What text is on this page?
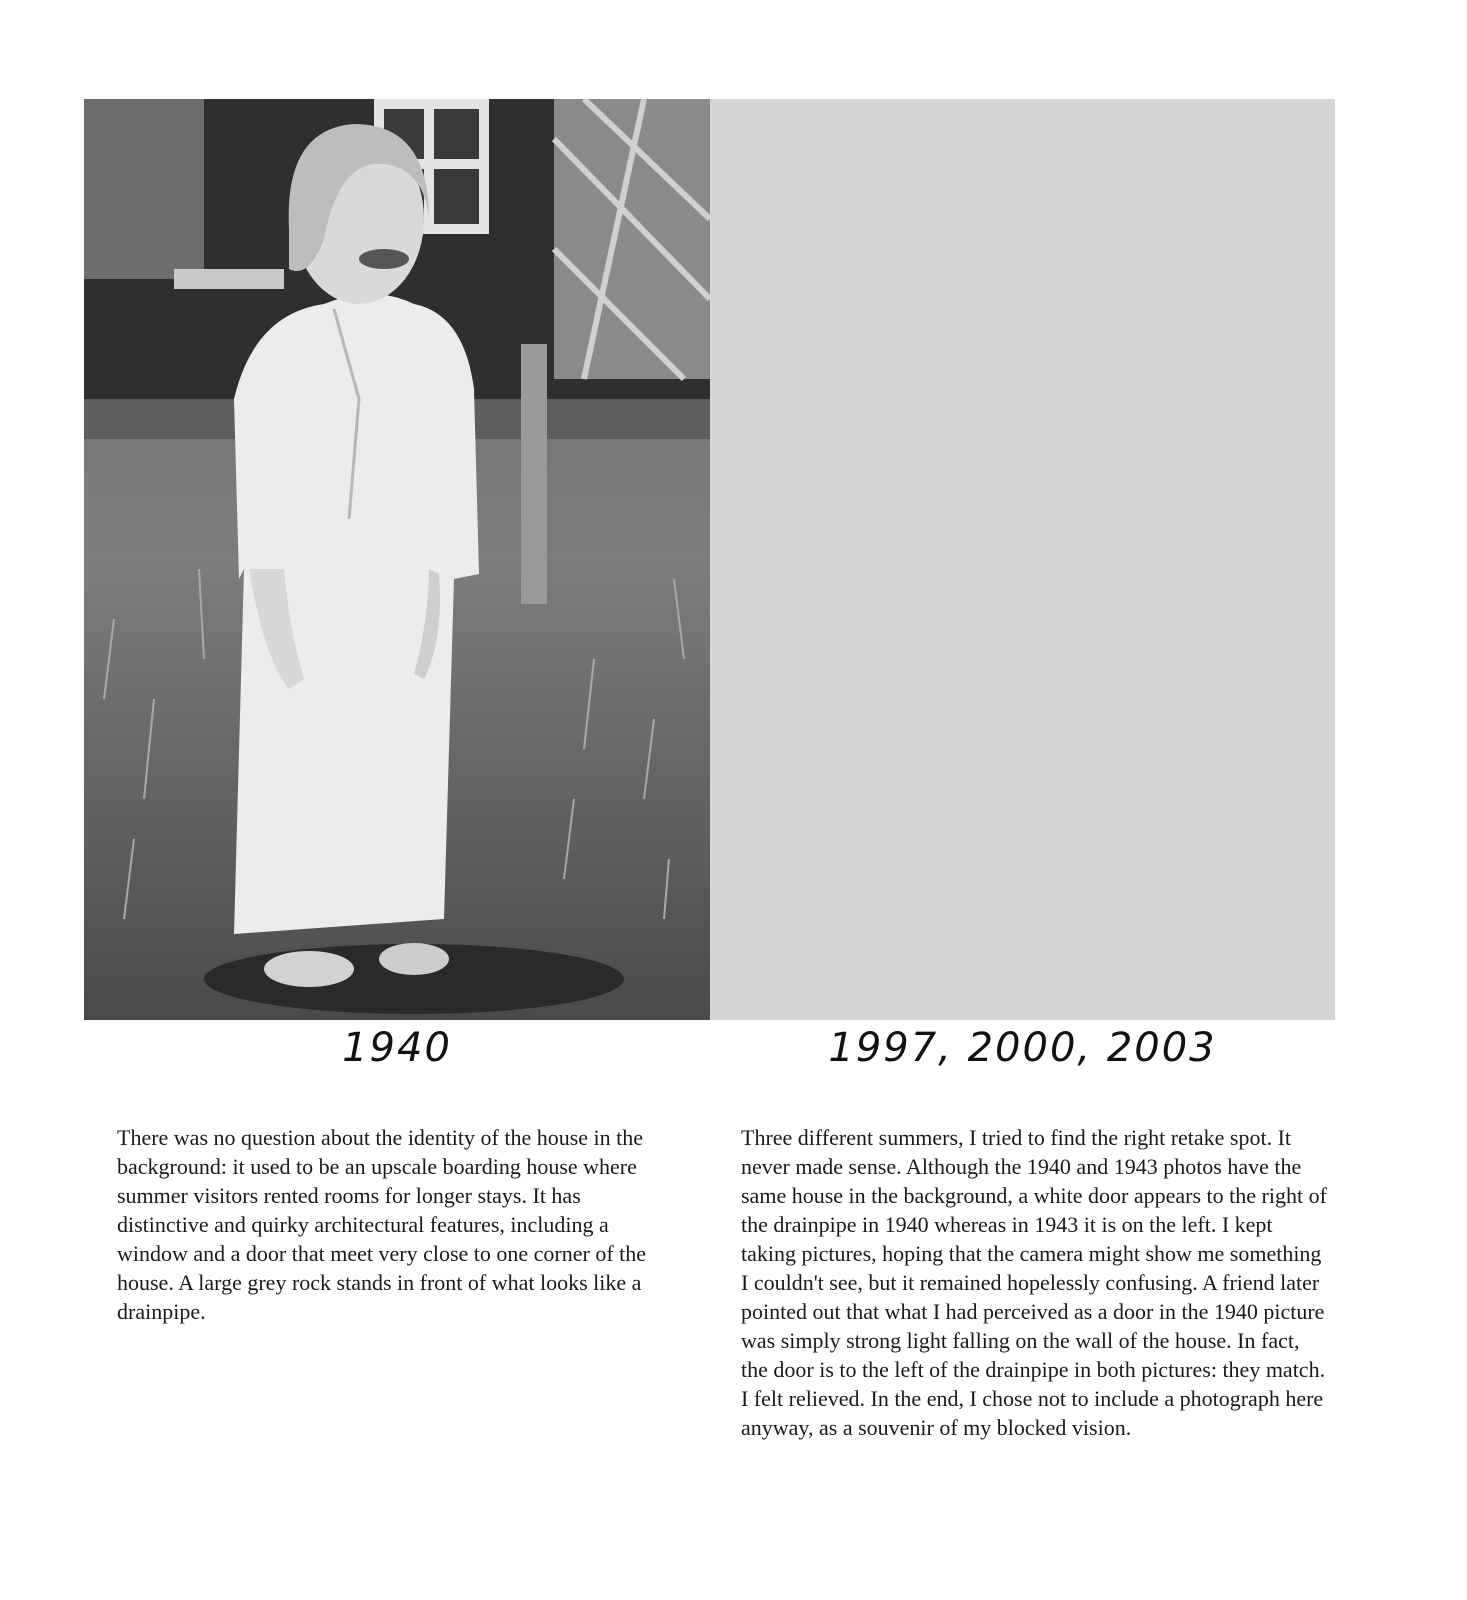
1940	1997, 2000, 2003
There was no question about the identity of the house in the background: it used to be an upscale boarding house where summer visitors rented rooms for longer stays. It has distinctive and quirky architectural features, including a window and a door that meet very close to one corner of the house. A large grey rock stands in front of what looks like a drainpipe.
Three different summers, I tried to find the right retake spot. It never made sense. Although the 1940 and 1943 photos have the same house in the background, a white door appears to the right of the drainpipe in 1940 whereas in 1943 it is on the left. I kept taking pictures, hoping that the camera might show me something I couldn't see, but it remained hopelessly confusing. A friend later pointed out that what I had perceived as a door in the 1940 picture was simply strong light falling on the wall of the house. In fact, the door is to the left of the drainpipe in both pictures: they match. I felt relieved. In the end, I chose not to include a photograph here anyway, as a souvenir of my blocked vision.
